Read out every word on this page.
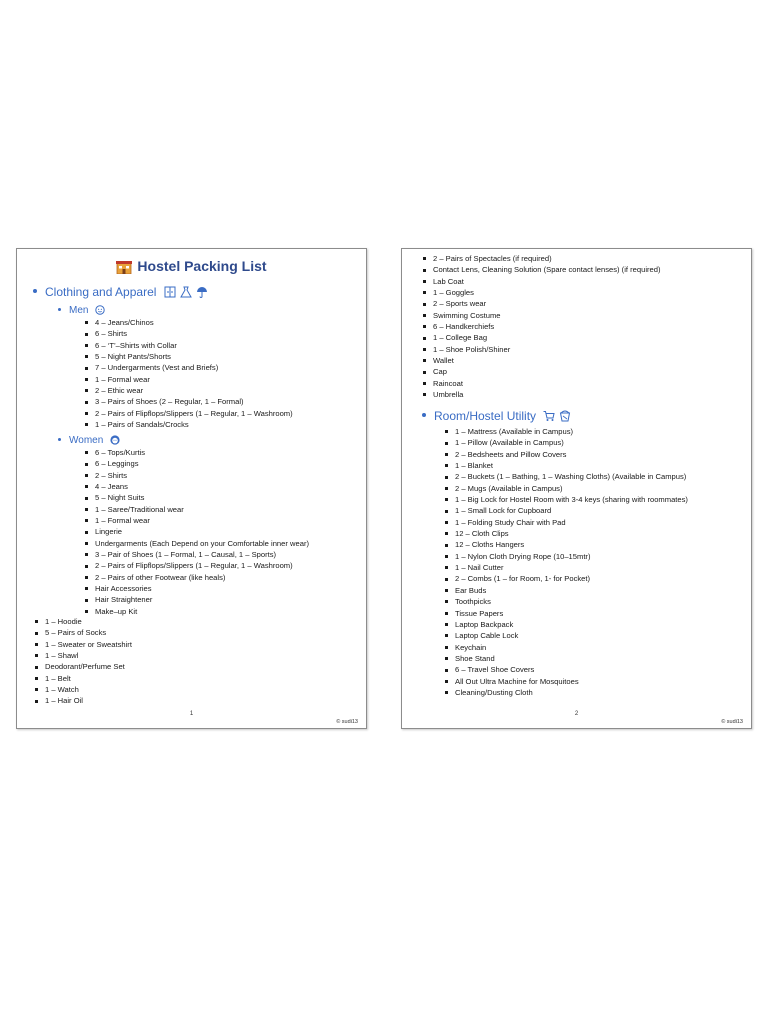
Hostel Packing List
Clothing and Apparel
Men
4 – Jeans/Chinos
6 – Shirts
6 – ‘T’–Shirts with Collar
5 – Night Pants/Shorts
7 – Undergarments (Vest and Briefs)
1 – Formal wear
2 – Ethic wear
3 – Pairs of Shoes (2 – Regular, 1 – Formal)
2 – Pairs of Flipflops/Slippers (1 – Regular, 1 – Washroom)
1 – Pairs of Sandals/Crocks
Women
6 – Tops/Kurtis
6 – Leggings
2 – Shirts
4 – Jeans
5 – Night Suits
1 – Saree/Traditional wear
1 – Formal wear
Lingerie
Undergarments (Each Depend on your Comfortable inner wear)
3 – Pair of Shoes (1 – Formal, 1 – Causal, 1 – Sports)
2 – Pairs of Flipflops/Slippers (1 – Regular, 1 – Washroom)
2 – Pairs of other Footwear (like heals)
Hair Accessories
Hair Straightener
Make–up Kit
1 – Hoodie
5 – Pairs of Socks
1 – Sweater or Sweatshirt
1 – Shawl
Deodorant/Perfume Set
1 – Belt
1 – Watch
1 – Hair Oil
1
© sudi13
2 – Pairs of Spectacles (if required)
Contact Lens, Cleaning Solution (Spare contact lenses) (if required)
Lab Coat
1 – Goggles
2 – Sports wear
Swimming Costume
6 – Handkerchiefs
1 – College Bag
1 – Shoe Polish/Shiner
Wallet
Cap
Raincoat
Umbrella
Room/Hostel Utility
1 – Mattress (Available in Campus)
1 – Pillow (Available in Campus)
2 – Bedsheets and Pillow Covers
1 – Blanket
2 – Buckets (1 – Bathing, 1 – Washing Cloths) (Available in Campus)
2 – Mugs (Available in Campus)
1 – Big Lock for Hostel Room with 3-4 keys (sharing with roommates)
1 – Small Lock for Cupboard
1 – Folding Study Chair with Pad
12 – Cloth Clips
12 – Cloths Hangers
1 – Nylon Cloth Drying Rope (10–15mtr)
1 – Nail Cutter
2 – Combs (1 – for Room, 1- for Pocket)
Ear Buds
Toothpicks
Tissue Papers
Laptop Backpack
Laptop Cable Lock
Keychain
Shoe Stand
6 – Travel Shoe Covers
All Out Ultra Machine for Mosquitoes
Cleaning/Dusting Cloth
2
© sudi13
